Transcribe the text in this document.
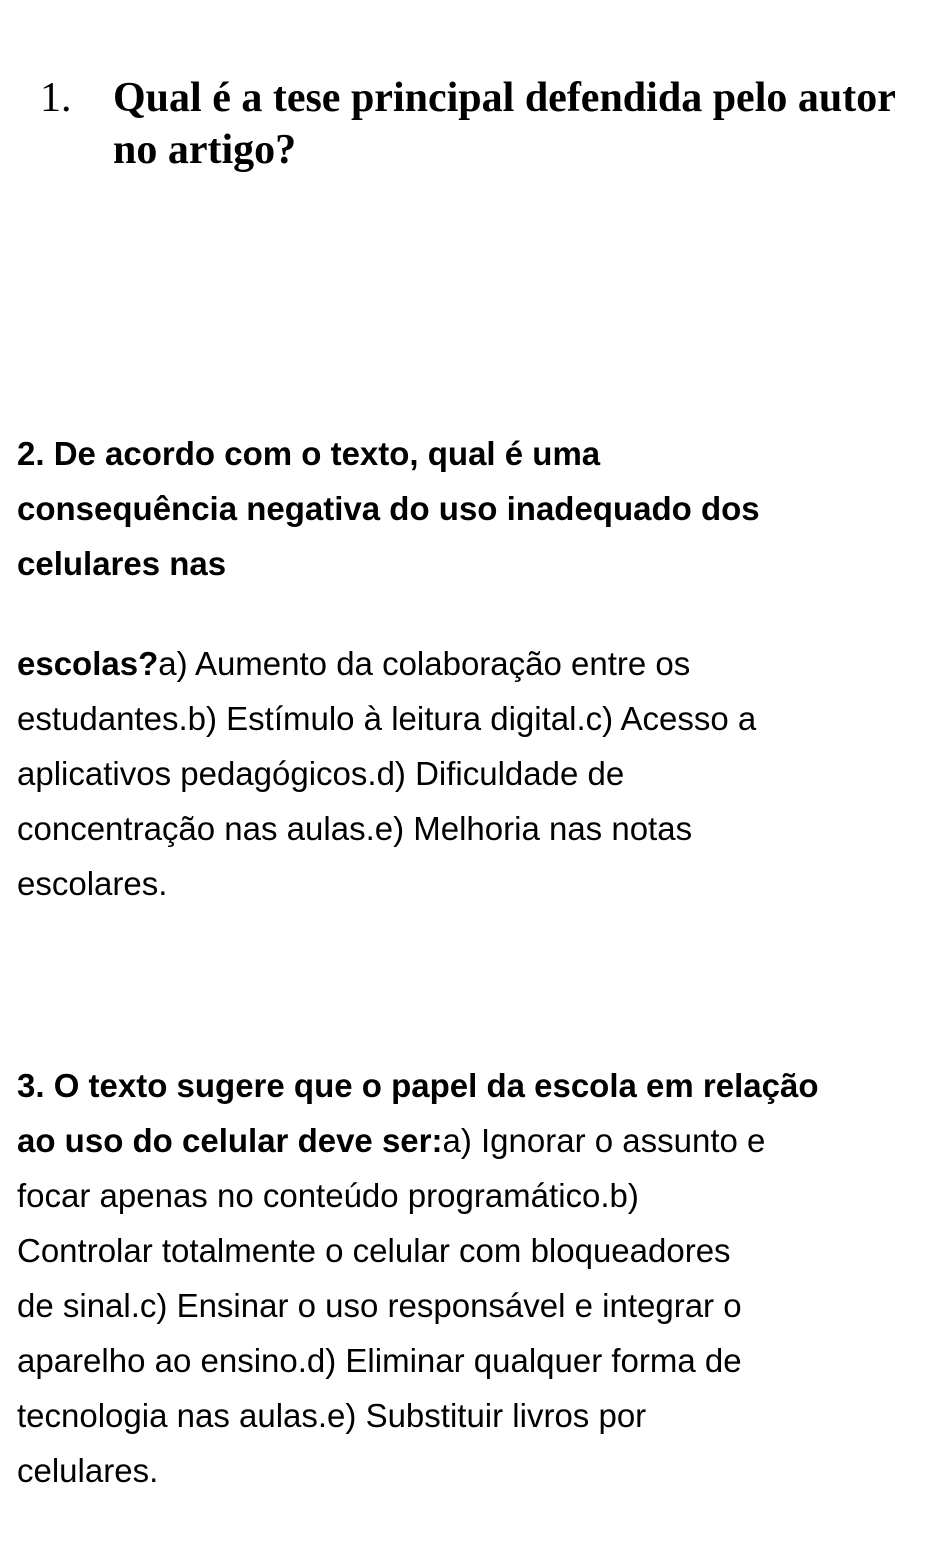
1. Qual é a tese principal defendida pelo autor no artigo?
2. De acordo com o texto, qual é uma
consequência negativa do uso inadequado dos
celulares nas
escolas?a) Aumento da colaboração entre os
estudantes.b) Estímulo à leitura digital.c) Acesso a
aplicativos pedagógicos.d) Dificuldade de
concentração nas aulas.e) Melhoria nas notas
escolares.
3. O texto sugere que o papel da escola em relação
ao uso do celular deve ser:a) Ignorar o assunto e
focar apenas no conteúdo programático.b)
Controlar totalmente o celular com bloqueadores
de sinal.c) Ensinar o uso responsável e integrar o
aparelho ao ensino.d) Eliminar qualquer forma de
tecnologia nas aulas.e) Substituir livros por
celulares.
